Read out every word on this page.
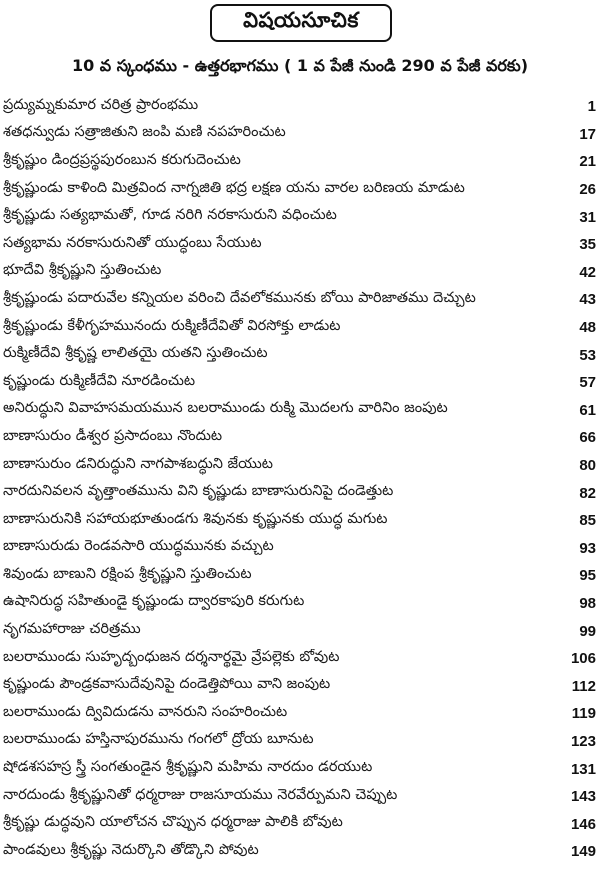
విషయసూచిక
10 వ స్కంధము - ఉత్తరభాగము ( 1 వ పేజీ నుండి 290 వ పేజీ వరకు)
ప్రద్యుమ్నకుమార చరిత్ర ప్రారంభము	1
శతధన్వుడు సత్రాజితుని జంపి మణి నపహరించుట	17
శ్రీకృష్ణుం డింద్రప్రస్థపురంబున కరుగుదెంచుట	21
శ్రీకృష్ణుండు కాళింది మిత్రవింద నాగ్నజితి భద్ర లక్షణ యను వారల బరిణయ మాడుట	26
శ్రీకృష్ణుడు సత్యభామతో, గూడ నరిగి నరకాసురుని వధించుట	31
సత్యభామ నరకాసురునితో యుద్ధంబు సేయుట	35
భూదేవి శ్రీకృష్ణుని స్తుతించుట	42
శ్రీకృష్ణుండు పదారువేల కన్నియల వరించి దేవలోకమునకు బోయి పారిజాతము దెచ్చుట	43
శ్రీకృష్ణుండు కేళీగృహమునందు రుక్మిణీదేవితో విరసోక్తు లాడుట	48
రుక్మిణీదేవి శ్రీకృష్ణ లాలితయై యతని స్తుతించుట	53
కృష్ణుండు రుక్మిణీదేవి నూరడించుట	57
అనిరుద్ధుని వివాహసమయమున బలరాముండు రుక్మి మొదలగు వారినిం జంపుట	61
బాణాసురుం డీశ్వర ప్రసాదంబు నొందుట	66
బాణాసురుం డనిరుద్ధుని నాగపాశబద్ధుని జేయుట	80
నారదునివలన వృత్తాంతమును విని కృష్ణుడు బాణాసురునిపై దండెత్తుట	82
బాణాసురునికి సహాయభూతుండగు శివునకు కృష్ణునకు యుద్ధ మగుట	85
బాణాసురుడు రెండవసారి యుద్ధమునకు వచ్చుట	93
శివుండు బాణుని రక్షింప శ్రీకృష్ణుని స్తుతించుట	95
ఉషానిరుద్ధ సహితుండై కృష్ణుండు ద్వారకాపురి కరుగుట	98
నృగమహారాజు చరిత్రము	99
బలరాముండు సుహృద్బంధుజన దర్శనార్థమై వ్రేపల్లెకు బోవుట	106
కృష్ణుండు పౌండ్రకవాసుదేవునిపై దండెత్తిపోయి వాని జంపుట	112
బలరాముండు ద్వివిదుడను వానరుని సంహరించుట	119
బలరాముండు హస్తినాపురమును గంగలో ద్రోయ బూనుట	123
షోడశసహస్ర స్త్రీ సంగతుండైన శ్రీకృష్ణుని మహిమ నారదుం డరయుట	131
నారదుండు శ్రీకృష్ణునితో ధర్మరాజు రాజసూయము నెరవేర్పుమని చెప్పుట	143
శ్రీకృష్ణు డుద్ధవుని యాలోచన చొప్పున ధర్మరాజు పాలికి బోవుట	146
పాండవులు శ్రీకృష్ణు నెదుర్కొని తోడ్కొని పోవుట	149
